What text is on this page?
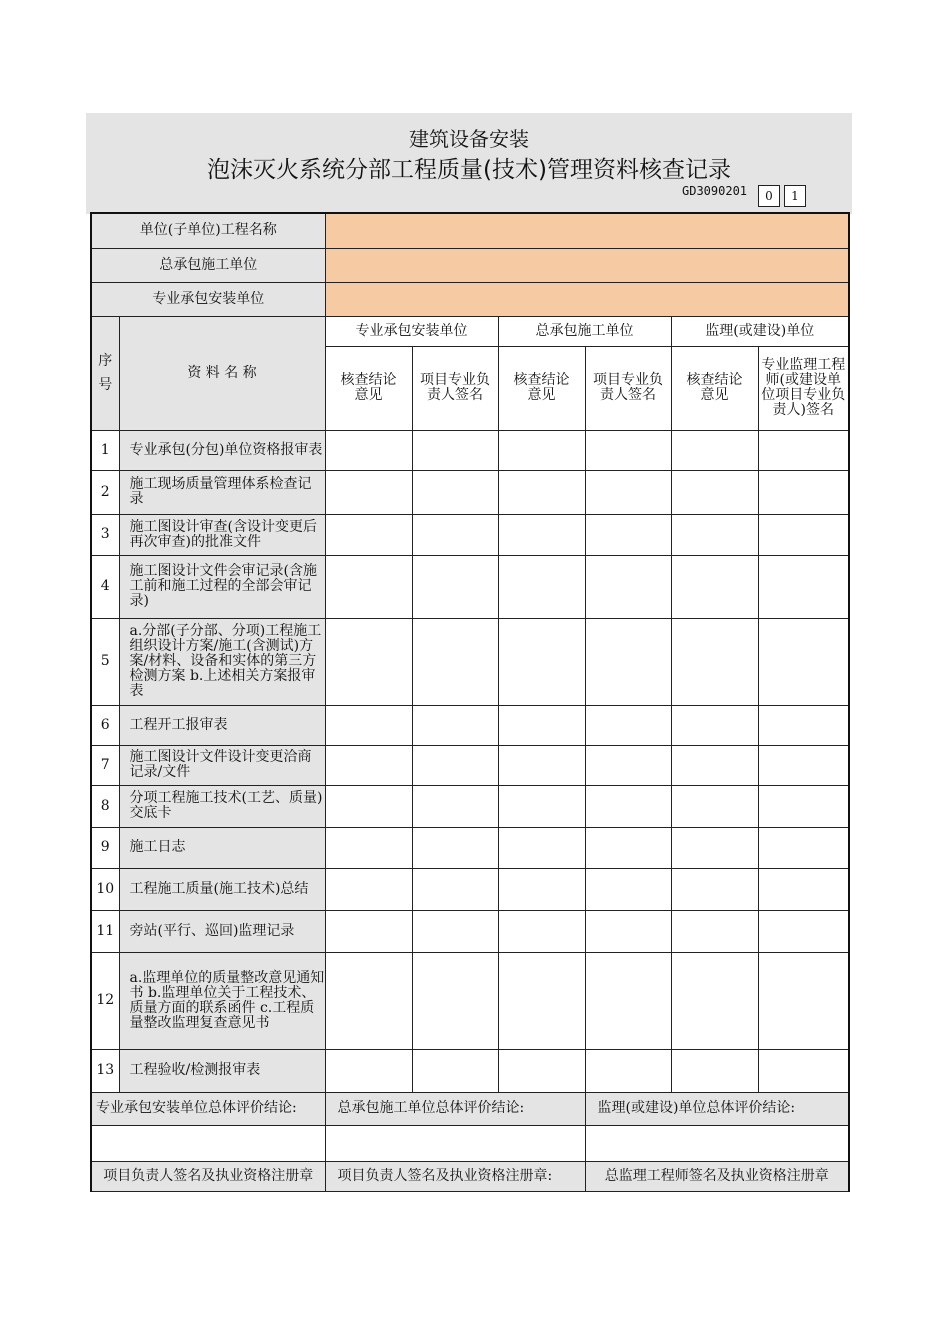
建筑设备安装
泡沫灭火系统分部工程质量(技术)管理资料核查记录
GD3090201	0	1
单位(子单位)工程名称							
总承包施工单位							
专业承包安装单位							
序号	资 料 名 称	专业承包安装单位		总承包施工单位		监理(或建设)单位	
		核查结论意见	项目专业负责人签名	核查结论意见	项目专业负责人签名	核查结论意见	专业监理工程师(或建设单位项目专业负责人)签名
1	专业承包(分包)单位资格报审表						
2	施工现场质量管理体系检查记录						
3	施工图设计审查(含设计变更后再次审查)的批准文件						
4	施工图设计文件会审记录(含施工前和施工过程的全部会审记录)						
5	a.分部(子分部、分项)工程施工组织设计方案/施工(含测试)方案/材料、设备和实体的第三方检测方案 b.上述相关方案报审表						
6	工程开工报审表						
7	施工图设计文件设计变更洽商记录/文件						
8	分项工程施工技术(工艺、质量)交底卡						
9	施工日志						
10	工程施工质量(施工技术)总结						
11	旁站(平行、巡回)监理记录						
12	a.监理单位的质量整改意见通知书 b.监理单位关于工程技术、质量方面的联系函件 c.工程质量整改监理复查意见书						
13	工程验收/检测报审表						
专业承包安装单位总体评价结论:		总承包施工单位总体评价结论:			监理(或建设)单位总体评价结论:		

项目负责人签名及执业资格注册章		项目负责人签名及执业资格注册章:			总监理工程师签名及执业资格注册章		
